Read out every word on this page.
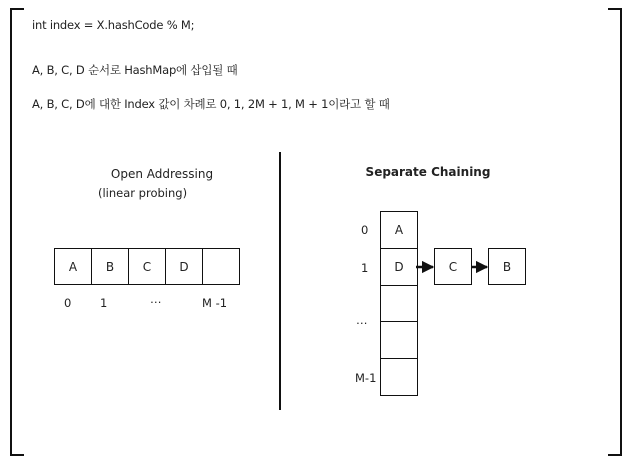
int index = X.hashCode % M;
A, B, C, D 순서로 HashMap에 삽입될 때
A, B, C, D에 대한 Index 값이 차례로 0, 1, 2M + 1, M + 1이라고 할 때
Open Addressing
(linear probing)
A	B	C	D
0 1	…	M -1
Separate Chaining
A
D
0
1
…
M-1
C	B
